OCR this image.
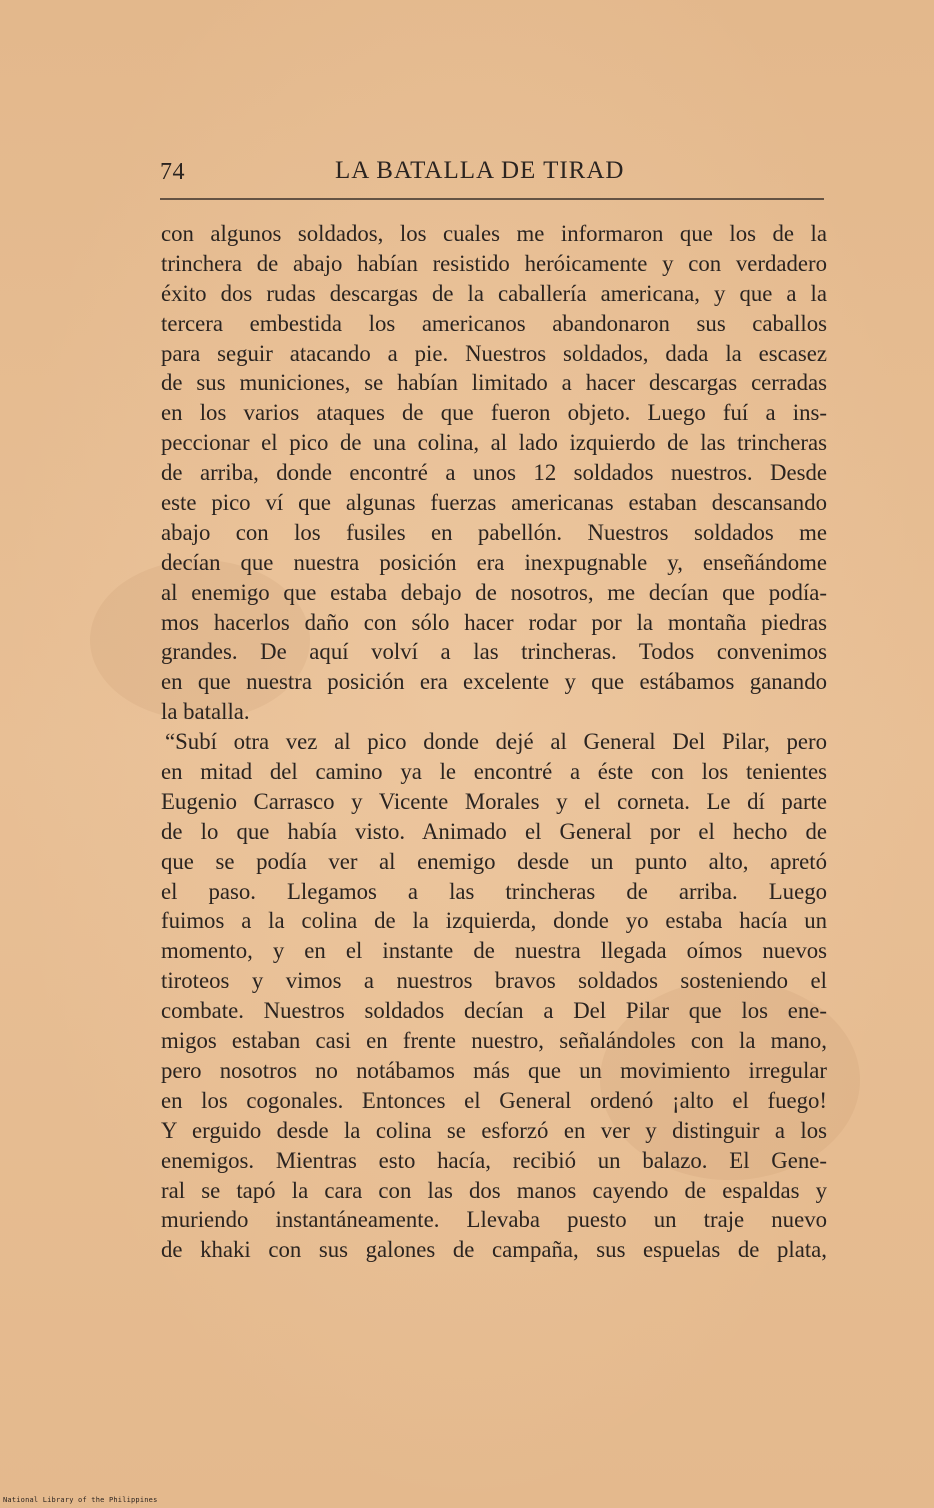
74	LA BATALLA DE TIRAD
con algunos soldados, los cuales me informaron que los de la
trinchera de abajo habían resistido heróicamente y con verdadero
éxito dos rudas descargas de la caballería americana, y que a la
tercera embestida los americanos abandonaron sus caballos
para seguir atacando a pie. Nuestros soldados, dada la escasez
de sus municiones, se habían limitado a hacer descargas cerradas
en los varios ataques de que fueron objeto. Luego fuí a ins-
peccionar el pico de una colina, al lado izquierdo de las trincheras
de arriba, donde encontré a unos 12 soldados nuestros. Desde
este pico ví que algunas fuerzas americanas estaban descansando
abajo con los fusiles en pabellón. Nuestros soldados me
decían que nuestra posición era inexpugnable y, enseñándome
al enemigo que estaba debajo de nosotros, me decían que podía-
mos hacerlos daño con sólo hacer rodar por la montaña piedras
grandes. De aquí volví a las trincheras. Todos convenimos
en que nuestra posición era excelente y que estábamos ganando
la batalla.
“Subí otra vez al pico donde dejé al General Del Pilar, pero
en mitad del camino ya le encontré a éste con los tenientes
Eugenio Carrasco y Vicente Morales y el corneta. Le dí parte
de lo que había visto. Animado el General por el hecho de
que se podía ver al enemigo desde un punto alto, apretó
el paso. Llegamos a las trincheras de arriba. Luego
fuimos a la colina de la izquierda, donde yo estaba hacía un
momento, y en el instante de nuestra llegada oímos nuevos
tiroteos y vimos a nuestros bravos soldados sosteniendo el
combate. Nuestros soldados decían a Del Pilar que los ene-
migos estaban casi en frente nuestro, señalándoles con la mano,
pero nosotros no notábamos más que un movimiento irregular
en los cogonales. Entonces el General ordenó ¡alto el fuego!
Y erguido desde la colina se esforzó en ver y distinguir a los
enemigos. Mientras esto hacía, recibió un balazo. El Gene-
ral se tapó la cara con las dos manos cayendo de espaldas y
muriendo instantáneamente. Llevaba puesto un traje nuevo
de khaki con sus galones de campaña, sus espuelas de plata,
National Library of the Philippines
